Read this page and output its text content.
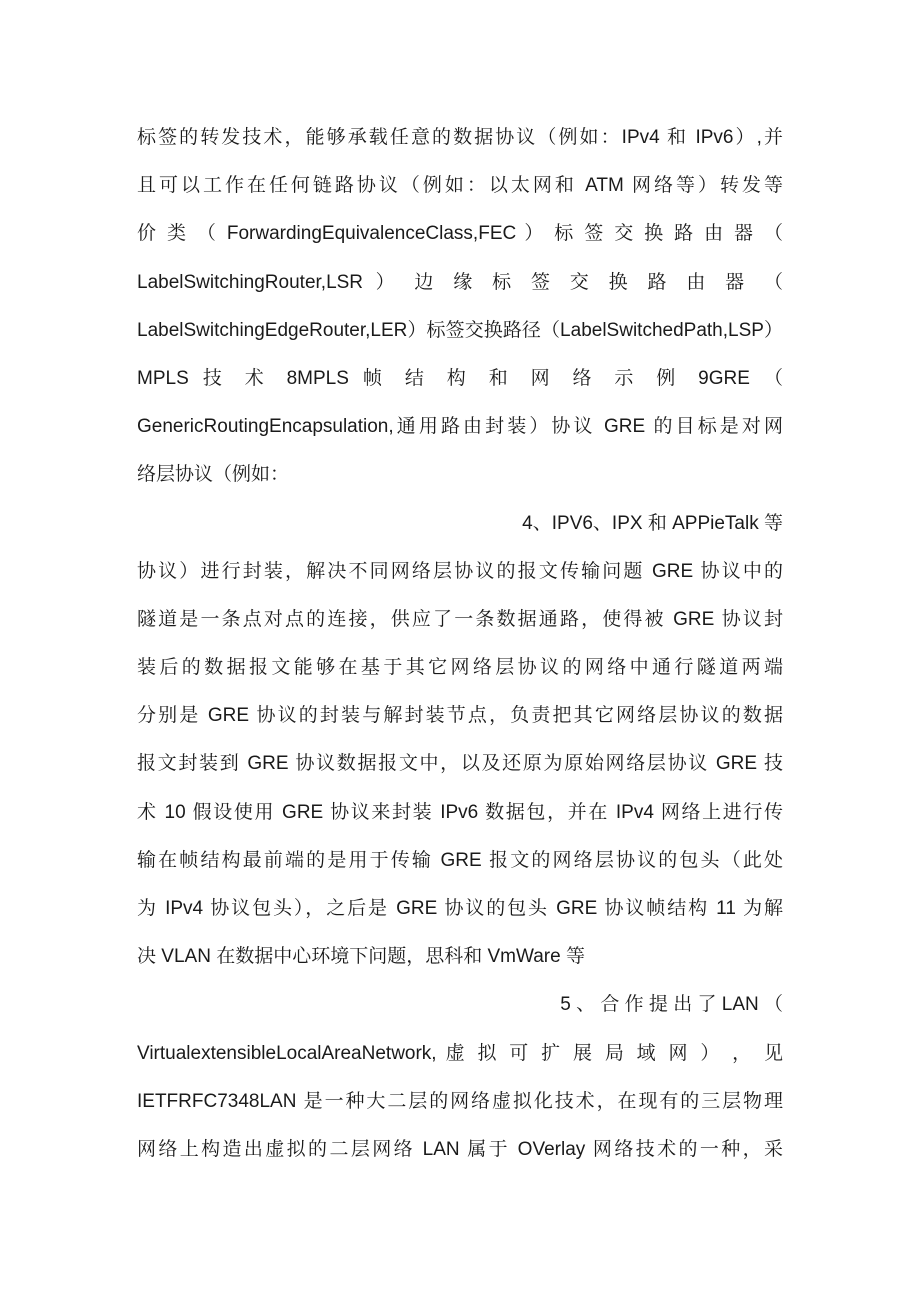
标签的转发技术，能够承载任意的数据协议（例如：IPv4 和 IPv6）,并
且可以工作在任何链路协议（例如：以太网和 ATM 网络等）转发等
价 类 （ ForwardingEquivalenceClass,FEC ） 标 签 交 换 路 由 器 （
LabelSwitchingRouter,LSR ） 边 缘 标 签 交 换 路 由 器 （
LabelSwitchingEdgeRouter,LER）标签交换路径（LabelSwitchedPath,LSP）
MPLS 技 术 8MPLS 帧 结 构 和 网 络 示 例 9GRE （
GenericRoutingEncapsulation,通用路由封装）协议 GRE 的目标是对网
络层协议（例如：
4、IPV6、IPX 和 APPieTalk 等
协议）进行封装，解决不同网络层协议的报文传输问题 GRE 协议中的
隧道是一条点对点的连接，供应了一条数据通路，使得被 GRE 协议封
装后的数据报文能够在基于其它网络层协议的网络中通行隧道两端
分别是 GRE 协议的封装与解封装节点，负责把其它网络层协议的数据
报文封装到 GRE 协议数据报文中，以及还原为原始网络层协议 GRE 技
术 10 假设使用 GRE 协议来封装 IPv6 数据包，并在 IPv4 网络上进行传
输在帧结构最前端的是用于传输 GRE 报文的网络层协议的包头（此处
为 IPv4 协议包头），之后是 GRE 协议的包头 GRE 协议帧结构 11 为解
决 VLAN 在数据中心环境下问题，思科和 VmWare 等
5 、 合 作 提 出 了 LAN （
VirtualextensibleLocalAreaNetwork, 虚 拟 可 扩 展 局 域 网 ） ， 见
IETFRFC7348LAN 是一种大二层的网络虚拟化技术，在现有的三层物理
网络上构造出虚拟的二层网络 LAN 属于 OVerlay 网络技术的一种，采
